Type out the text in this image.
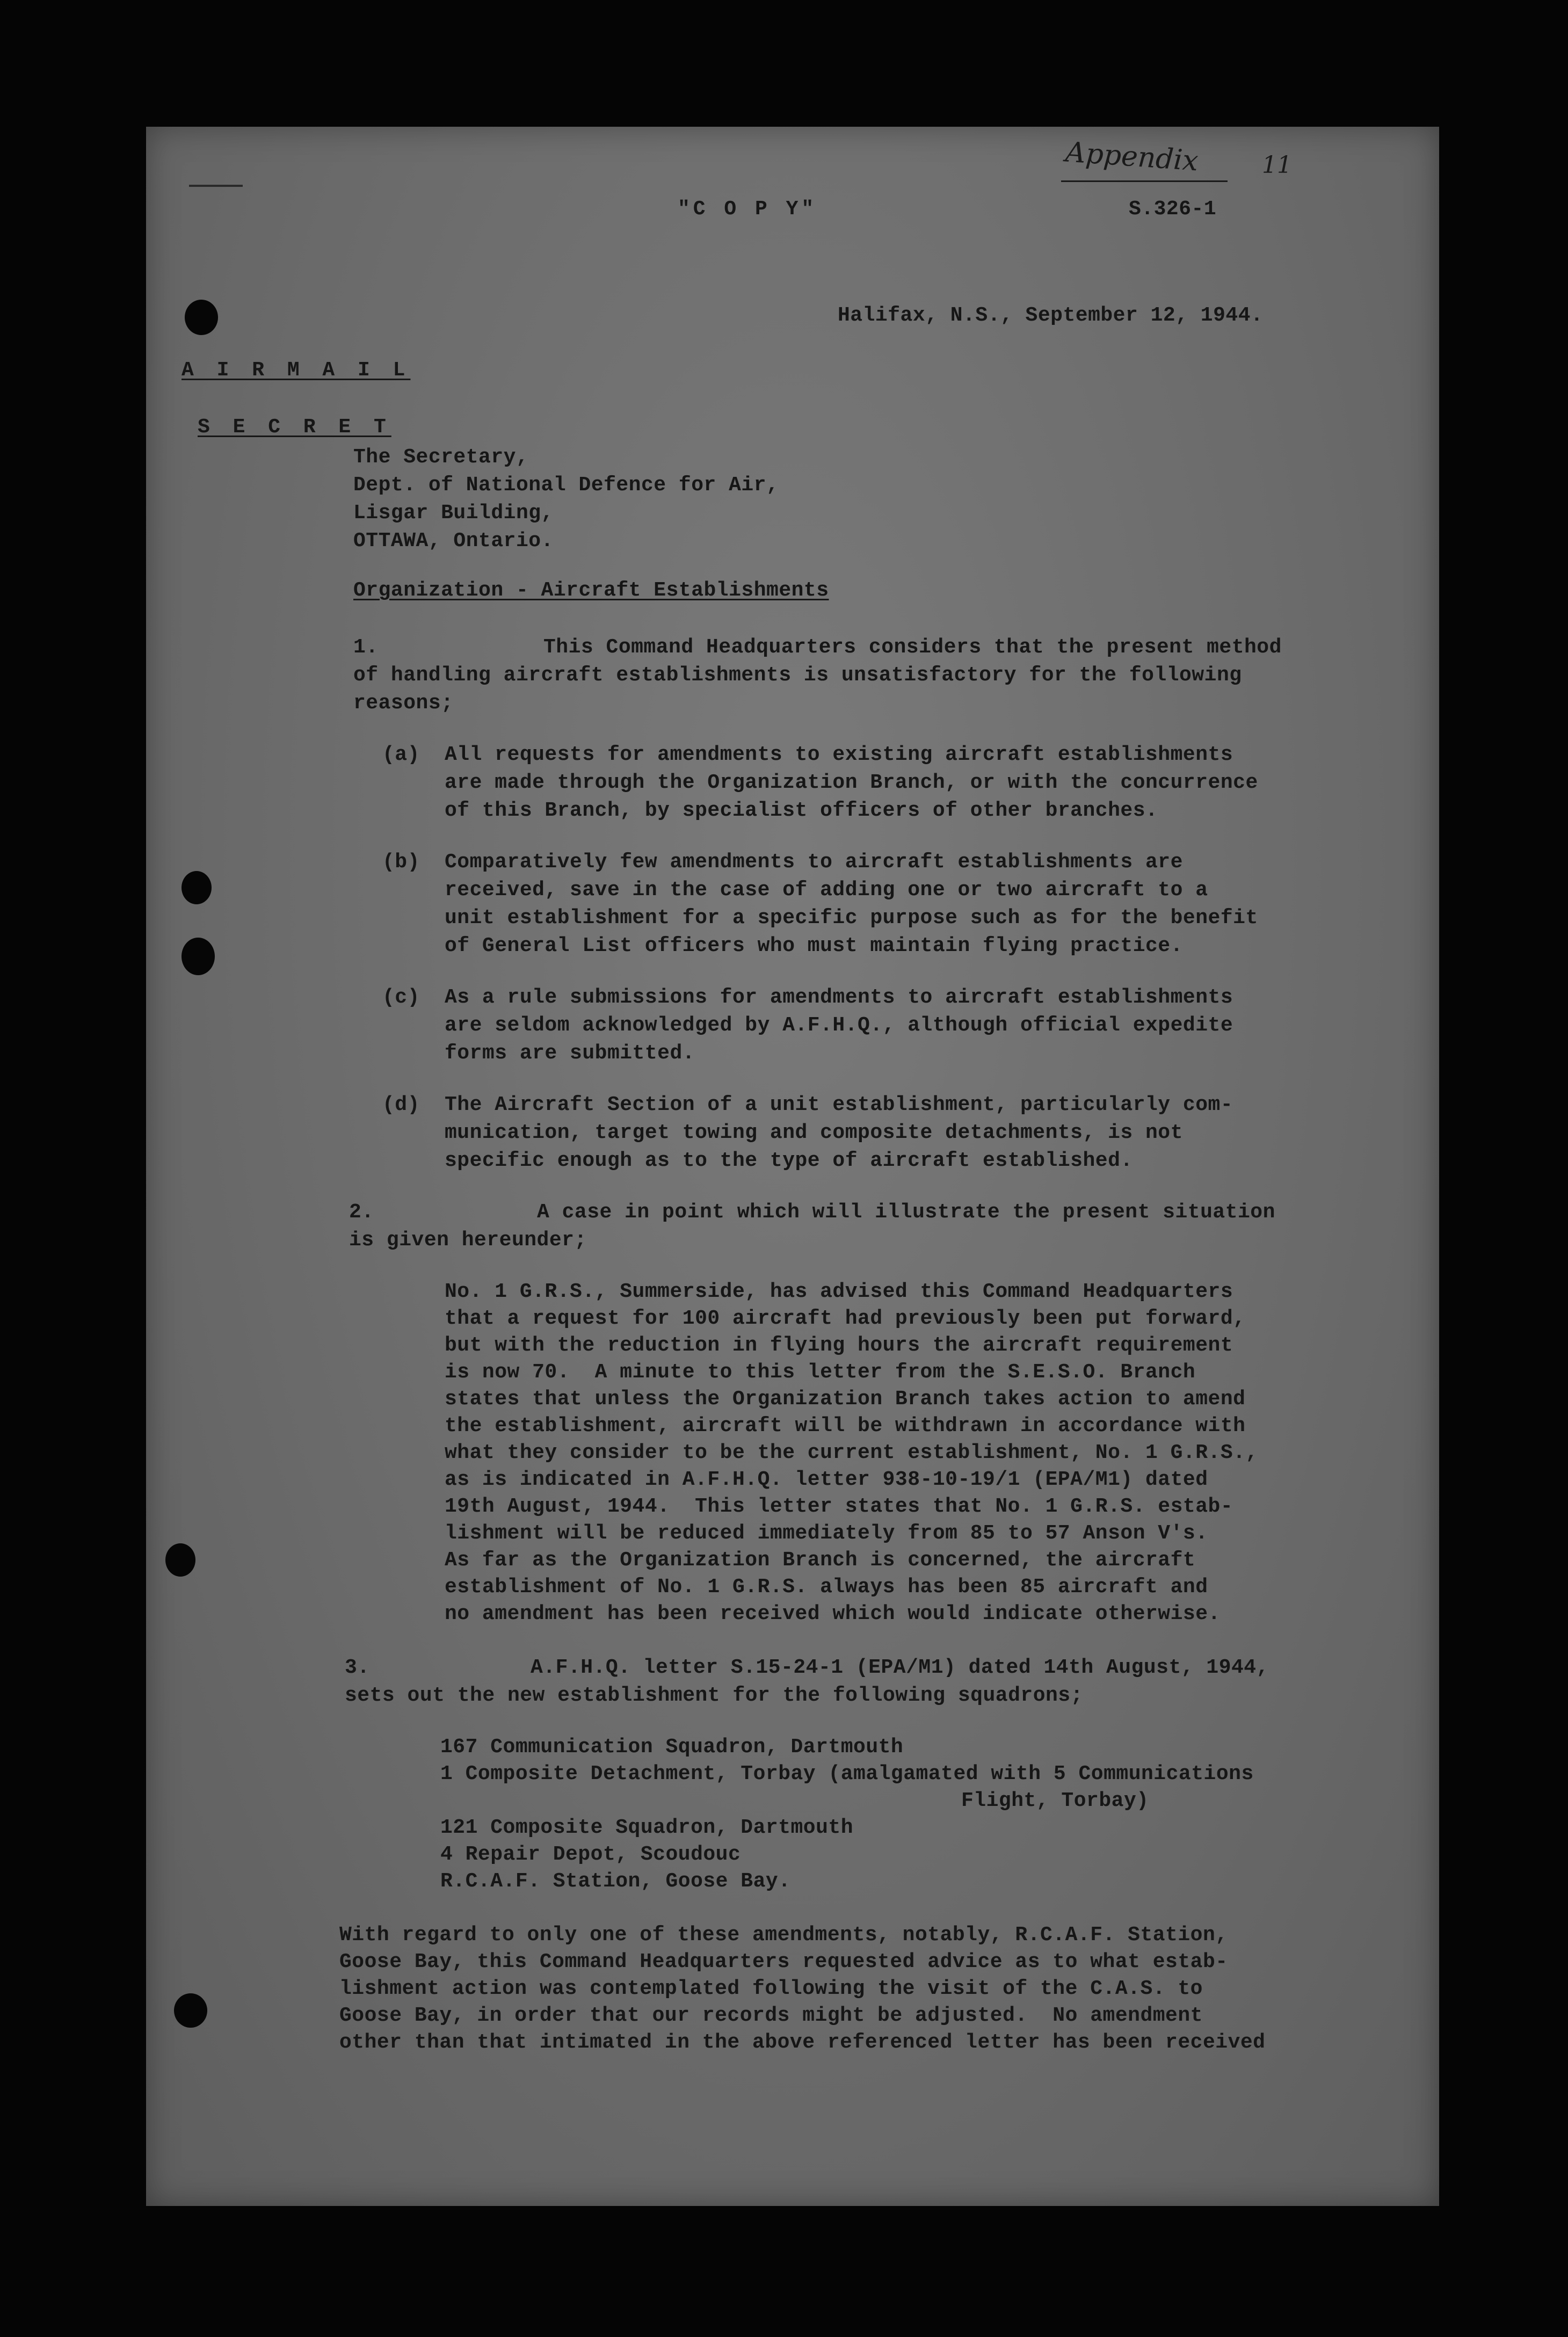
Appendix	11
"C O P Y"	S.326-1
Halifax, N.S., September 12, 1944.
A I R M A I L
S E C R E T
The Secretary,
Dept. of National Defence for Air,
Lisgar Building,
OTTAWA, Ontario.
Organization - Aircraft Establishments
1.	This Command Headquarters considers that the present method
of handling aircraft establishments is unsatisfactory for the following
reasons;
(a) All requests for amendments to existing aircraft establishments
are made through the Organization Branch, or with the concurrence
of this Branch, by specialist officers of other branches.
(b) Comparatively few amendments to aircraft establishments are
received, save in the case of adding one or two aircraft to a
unit establishment for a specific purpose such as for the benefit
of General List officers who must maintain flying practice.
(c) As a rule submissions for amendments to aircraft establishments
are seldom acknowledged by A.F.H.Q., although official expedite
forms are submitted.
(d) The Aircraft Section of a unit establishment, particularly com-
munication, target towing and composite detachments, is not
specific enough as to the type of aircraft established.
2.	A case in point which will illustrate the present situation
is given hereunder;
No. 1 G.R.S., Summerside, has advised this Command Headquarters
that a request for 100 aircraft had previously been put forward,
but with the reduction in flying hours the aircraft requirement
is now 70.  A minute to this letter from the S.E.S.O. Branch
states that unless the Organization Branch takes action to amend
the establishment, aircraft will be withdrawn in accordance with
what they consider to be the current establishment, No. 1 G.R.S.,
as is indicated in A.F.H.Q. letter 938-10-19/1 (EPA/M1) dated
19th August, 1944.  This letter states that No. 1 G.R.S. estab-
lishment will be reduced immediately from 85 to 57 Anson V's.
As far as the Organization Branch is concerned, the aircraft
establishment of No. 1 G.R.S. always has been 85 aircraft and
no amendment has been received which would indicate otherwise.
3.	A.F.H.Q. letter S.15-24-1 (EPA/M1) dated 14th August, 1944,
sets out the new establishment for the following squadrons;
167 Communication Squadron, Dartmouth
1 Composite Detachment, Torbay (amalgamated with 5 Communications
Flight, Torbay)
121 Composite Squadron, Dartmouth
4 Repair Depot, Scoudouc
R.C.A.F. Station, Goose Bay.
With regard to only one of these amendments, notably, R.C.A.F. Station,
Goose Bay, this Command Headquarters requested advice as to what estab-
lishment action was contemplated following the visit of the C.A.S. to
Goose Bay, in order that our records might be adjusted.  No amendment
other than that intimated in the above referenced letter has been received
